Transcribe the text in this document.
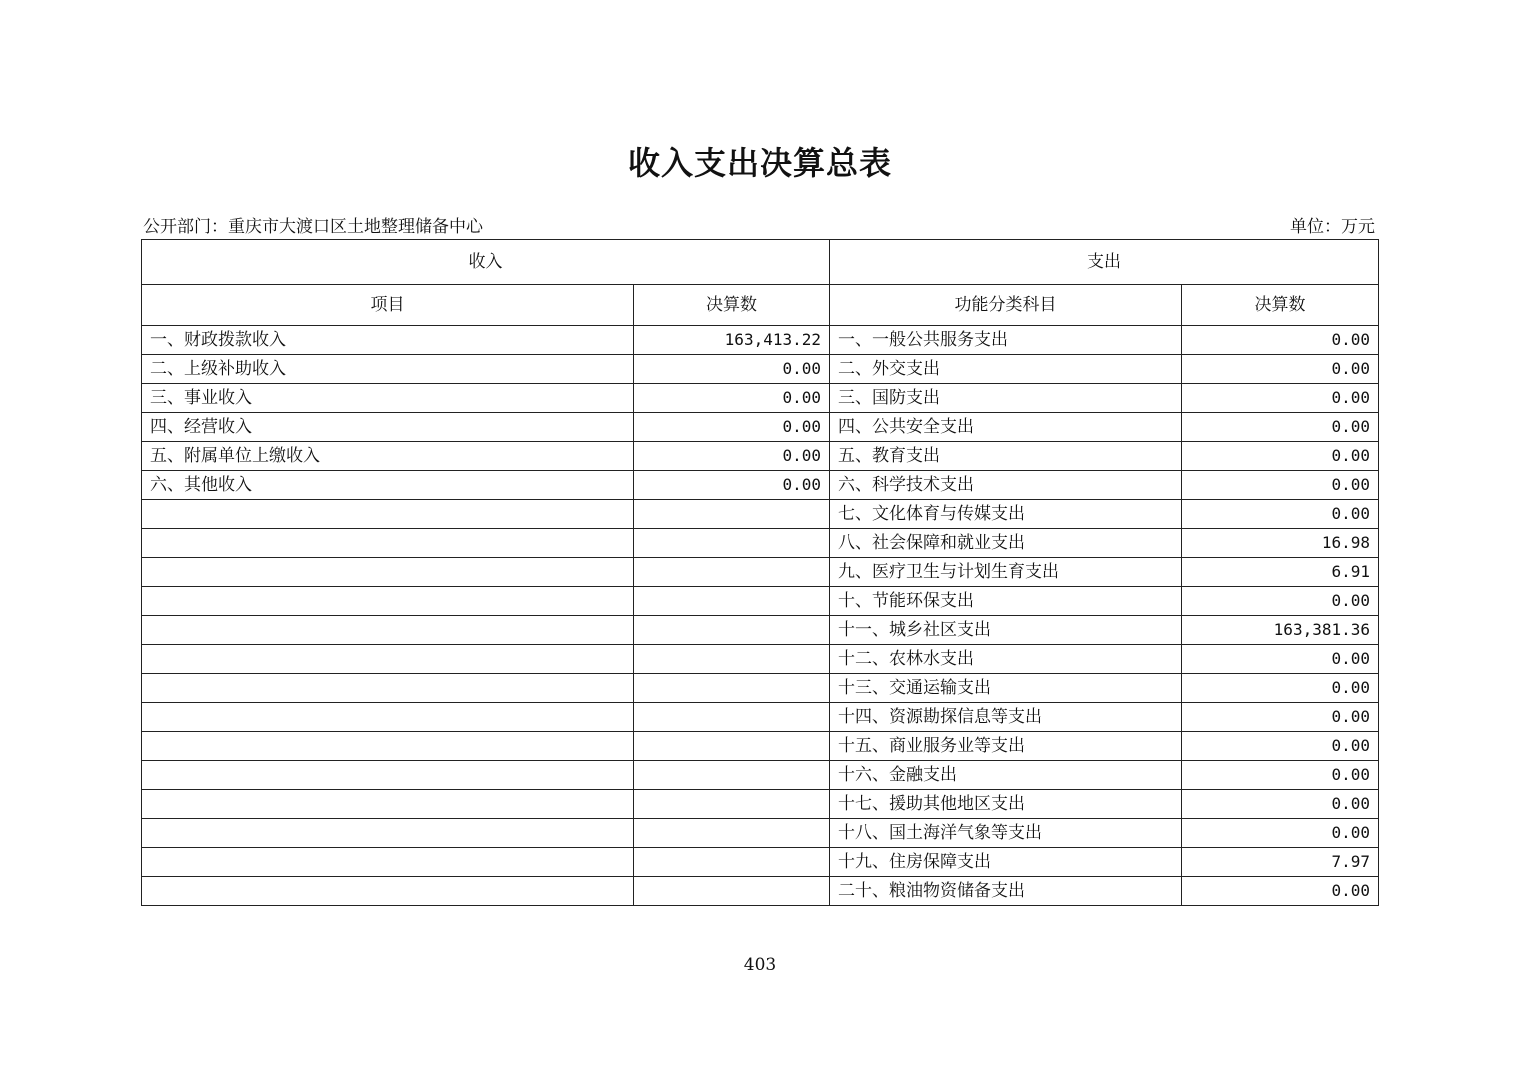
收入支出决算总表
公开部门：重庆市大渡口区土地整理储备中心	单位：万元
收入		支出	
项目	决算数	功能分类科目	决算数
一、财政拨款收入	163,413.22	一、一般公共服务支出	0.00
二、上级补助收入	0.00	二、外交支出	0.00
三、事业收入	0.00	三、国防支出	0.00
四、经营收入	0.00	四、公共安全支出	0.00
五、附属单位上缴收入	0.00	五、教育支出	0.00
六、其他收入	0.00	六、科学技术支出	0.00
		七、文化体育与传媒支出	0.00
		八、社会保障和就业支出	16.98
		九、医疗卫生与计划生育支出	6.91
		十、节能环保支出	0.00
		十一、城乡社区支出	163,381.36
		十二、农林水支出	0.00
		十三、交通运输支出	0.00
		十四、资源勘探信息等支出	0.00
		十五、商业服务业等支出	0.00
		十六、金融支出	0.00
		十七、援助其他地区支出	0.00
		十八、国土海洋气象等支出	0.00
		十九、住房保障支出	7.97
		二十、粮油物资储备支出	0.00
403
